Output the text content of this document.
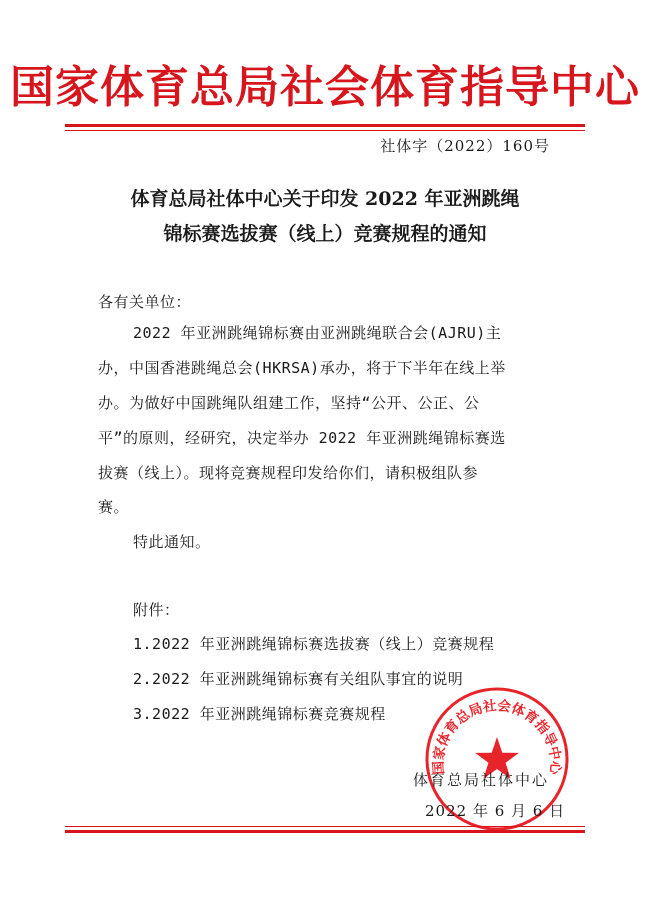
国家体育总局社会体育指导中心
社体字（2022）160号
体育总局社体中心关于印发 2022 年亚洲跳绳
锦标赛选拔赛（线上）竞赛规程的通知
各有关单位：
2022 年亚洲跳绳锦标赛由亚洲跳绳联合会(AJRU)主
办，中国香港跳绳总会(HKRSA)承办，将于下半年在线上举
办。为做好中国跳绳队组建工作，坚持“公开、公正、公
平”的原则，经研究，决定举办 2022 年亚洲跳绳锦标赛选
拔赛（线上）。现将竞赛规程印发给你们，请积极组队参
赛。
特此通知。
附件：
1.2022 年亚洲跳绳锦标赛选拔赛（线上）竞赛规程
2.2022 年亚洲跳绳锦标赛有关组队事宜的说明
3.2022 年亚洲跳绳锦标赛竞赛规程
国家体育总局社会体育指导中心
体育总局社体中心
2022 年 6 月 6 日
